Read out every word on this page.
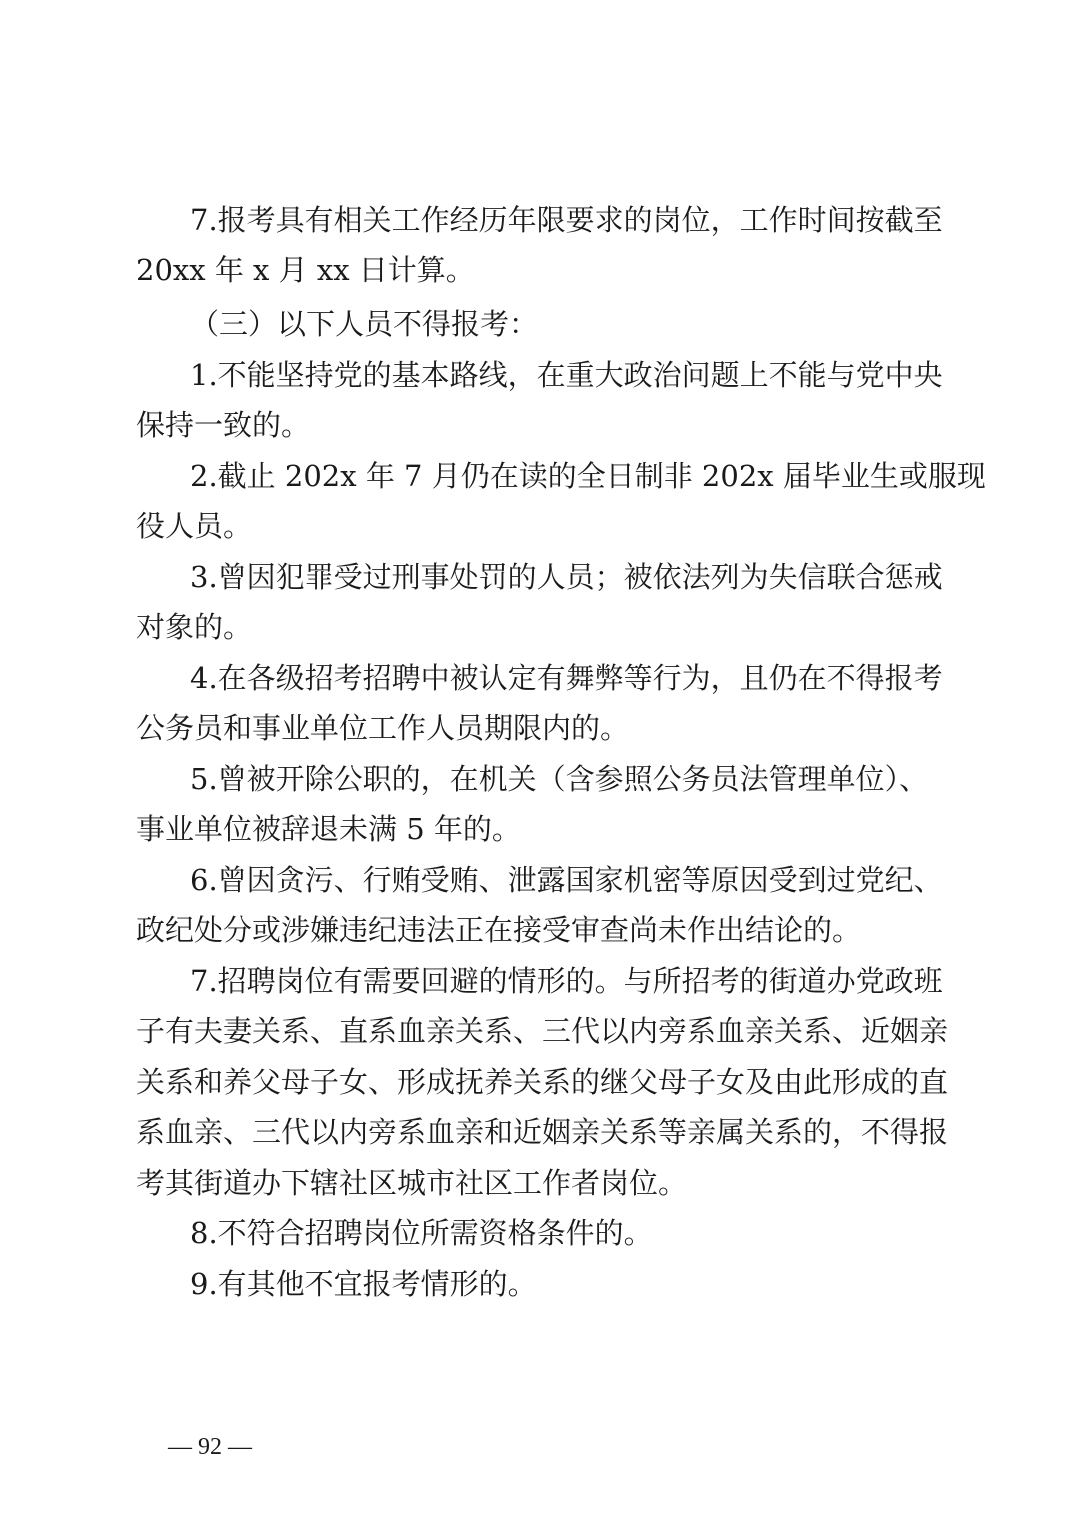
7.报考具有相关工作经历年限要求的岗位，工作时间按截至
20xx 年 x 月 xx 日计算。
（三）以下人员不得报考：
1.不能坚持党的基本路线，在重大政治问题上不能与党中央
保持一致的。
2.截止 202x 年 7 月仍在读的全日制非 202x 届毕业生或服现
役人员。
3.曾因犯罪受过刑事处罚的人员；被依法列为失信联合惩戒
对象的。
4.在各级招考招聘中被认定有舞弊等行为，且仍在不得报考
公务员和事业单位工作人员期限内的。
5.曾被开除公职的，在机关（含参照公务员法管理单位）、
事业单位被辞退未满 5 年的。
6.曾因贪污、行贿受贿、泄露国家机密等原因受到过党纪、
政纪处分或涉嫌违纪违法正在接受审查尚未作出结论的。
7.招聘岗位有需要回避的情形的。与所招考的街道办党政班
子有夫妻关系、直系血亲关系、三代以内旁系血亲关系、近姻亲
关系和养父母子女、形成抚养关系的继父母子女及由此形成的直
系血亲、三代以内旁系血亲和近姻亲关系等亲属关系的，不得报
考其街道办下辖社区城市社区工作者岗位。
8.不符合招聘岗位所需资格条件的。
9.有其他不宜报考情形的。
— 92 —
